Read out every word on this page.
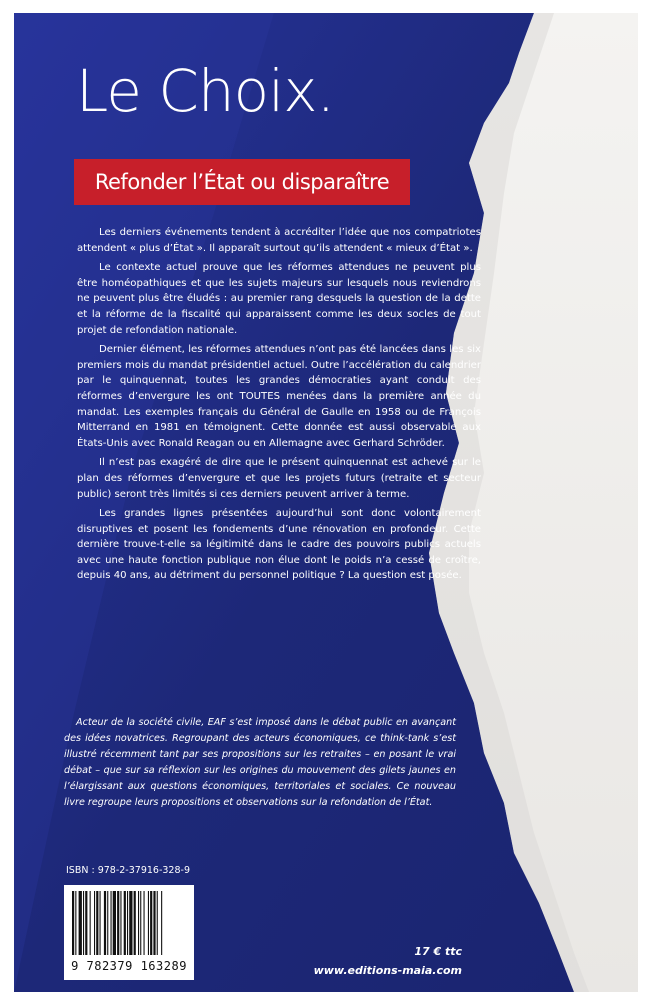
Le Choix.
Refonder l’État ou disparaître

Les derniers événements tendent à accréditer l’idée que nos compatriotes attendent « plus d’État ». Il apparaît surtout qu’ils attendent « mieux d’État ».

Le contexte actuel prouve que les réformes attendues ne peuvent plus être homéopathiques et que les sujets majeurs sur lesquels nous reviendrons ne peuvent plus être éludés : au premier rang desquels la question de la dette et la réforme de la fiscalité qui apparaissent comme les deux socles de tout projet de refondation nationale.

Dernier élément, les réformes attendues n’ont pas été lancées dans les six premiers mois du mandat présidentiel actuel. Outre l’accélération du calendrier par le quinquennat, toutes les grandes démocraties ayant conduit des réformes d’envergure les ont TOUTES menées dans la première année du mandat. Les exemples français du Général de Gaulle en 1958 ou de François Mitterrand en 1981 en témoignent. Cette donnée est aussi observable aux États-Unis avec Ronald Reagan ou en Allemagne avec Gerhard Schröder.

Il n’est pas exagéré de dire que le présent quinquennat est achevé sur le plan des réformes d’envergure et que les projets futurs (retraite et secteur public) seront très limités si ces derniers peuvent arriver à terme.

Les grandes lignes présentées aujourd’hui sont donc volontairement disruptives et posent les fondements d’une rénovation en profondeur. Cette dernière trouve-t-elle sa légitimité dans le cadre des pouvoirs publics actuels avec une haute fonction publique non élue dont le poids n’a cessé de croître, depuis 40 ans, au détriment du personnel politique ? La question est posée.

Acteur de la société civile, EAF s’est imposé dans le débat public en avançant des idées novatrices. Regroupant des acteurs économiques, ce think-tank s’est illustré récemment tant par ses propositions sur les retraites – en posant le vrai débat – que sur sa réflexion sur les origines du mouvement des gilets jaunes en l’élargissant aux questions économiques, territoriales et sociales. Ce nouveau livre regroupe leurs propositions et observations sur la refondation de l’État.

ISBN : 978-2-37916-328-9
9 782379 163289
17 € ttc
www.editions-maia.com
